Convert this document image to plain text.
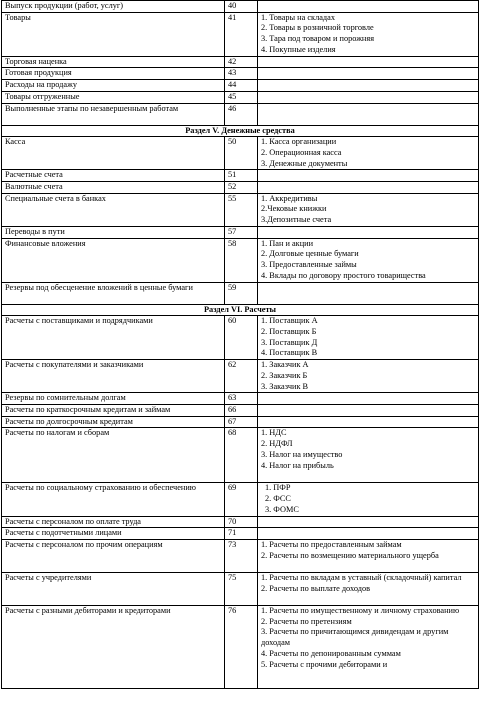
Выпуск продукции (работ, услуг)	40	
Товары	41	1. Товары на складах
2. Товары в розничной торговле
3. Тара под товаром и порожняя
4. Покупные изделия

Торговая наценка	42	
Готовая продукция	43	
Расходы на продажу	44	
Товары отгруженные	45	
Выполненные этапы по незавершенным работам	46	
Раздел V. Денежные средства		
Касса	50	1. Касса организации
2. Операционная касса
3. Денежные документы

Расчетные счета	51	
Валютные счета	52	
Специальные счета в банках	55	1. Аккредитивы
2.Чековые книжки
3.Депозитные счета

Переводы в пути	57	
Финансовые вложения	58	1. Пан и акции
2. Долговые ценные бумаги
3. Предоставленные займы
4. Вклады по договору простого товарищества

Резервы под обесценение вложений в ценные бумаги	59	
Раздел VI. Расчеты		
Расчеты с поставщиками и подрядчиками	60	1. Поставщик А
2. Поставщик Б
3. Поставщик Д
4. Поставщик В

Расчеты с покупателями и заказчиками	62	1. Заказчик А
2. Заказчик Б
3. Заказчик В

Резервы по сомнительным долгам	63	
Расчеты по краткосрочным кредитам и займам	66	
Расчеты по долгосрочным кредитам	67	
Расчеты по налогам и сборам	68	1. НДС
2. НДФЛ
3. Налог на имущество
4. Налог на прибыль

Расчеты по социальному страхованию и обеспечению	69	1. ПФР
2. ФСС
3. ФОМС

Расчеты с персоналом по оплате труда	70	
Расчеты с подотчетными лицами	71	
Расчеты с персоналом по прочим операциям	73	1. Расчеты по предоставленным займам
2. Расчеты по возмещению материального ущерба

Расчеты с учредителями	75	1. Расчеты по вкладам в уставный (складочный) капитал
2. Расчеты по выплате доходов

Расчеты с разными дебиторами и кредиторами	76	1. Расчеты по имущественному и личному страхованию
2. Расчеты по претензиям
3. Расчеты по причитающимся дивидендам и другим доходам
4. Расчеты по депонированным суммам
5. Расчеты с прочими дебиторами и
